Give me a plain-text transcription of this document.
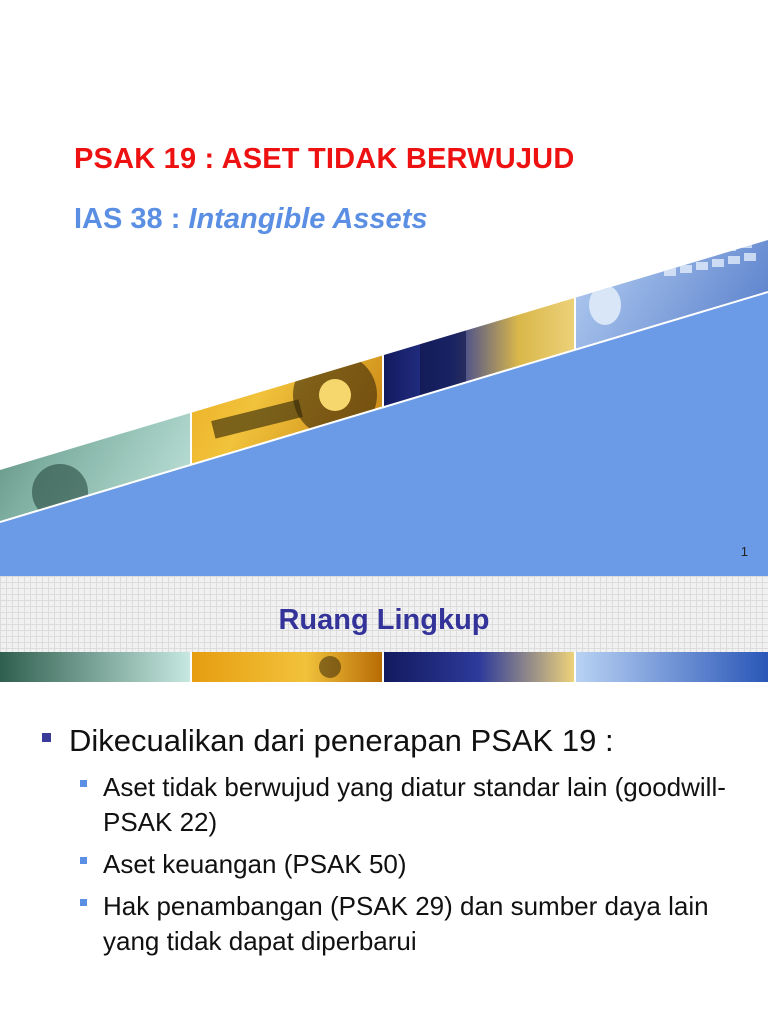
PSAK 19 : ASET TIDAK BERWUJUD
IAS 38 : Intangible Assets
1
Ruang Lingkup
Dikecualikan dari penerapan PSAK 19 :
Aset tidak berwujud yang diatur standar lain (goodwill-PSAK 22)
Aset keuangan (PSAK 50)
Hak penambangan (PSAK 29) dan sumber daya lain yang tidak dapat diperbarui
